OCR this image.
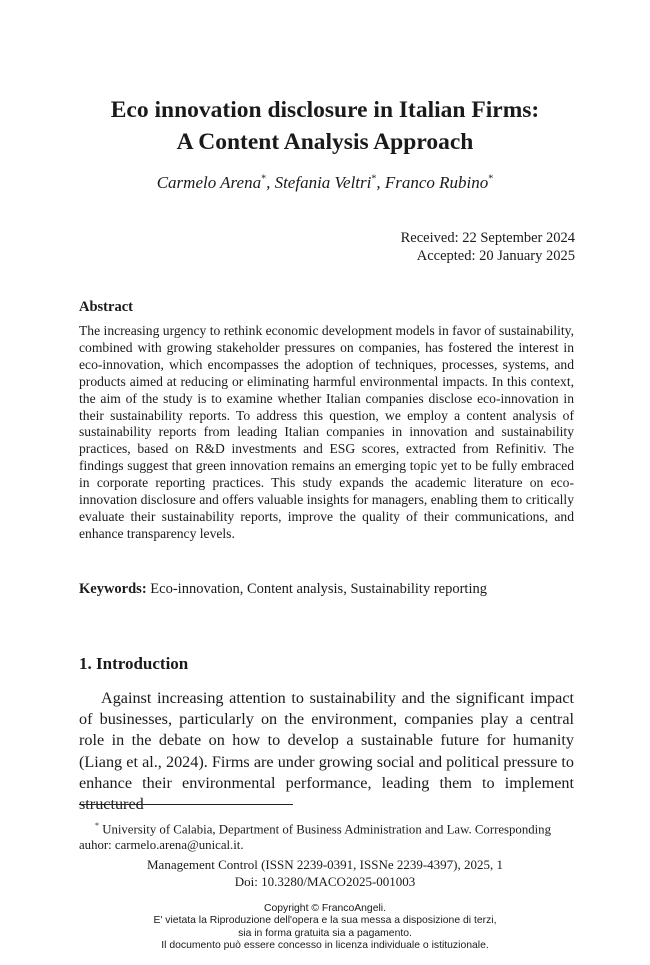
Eco innovation disclosure in Italian Firms:
A Content Analysis Approach
Carmelo Arena*, Stefania Veltri*, Franco Rubino*
Received: 22 September 2024
Accepted: 20 January 2025
Abstract
The increasing urgency to rethink economic development models in favor of sustainability, combined with growing stakeholder pressures on companies, has fostered the interest in eco-innovation, which encompasses the adoption of techniques, processes, systems, and products aimed at reducing or eliminating harmful environmental impacts. In this context, the aim of the study is to examine whether Italian companies disclose eco-innovation in their sustainability reports. To address this question, we employ a content analysis of sustainability reports from leading Italian companies in innovation and sustainability practices, based on R&D investments and ESG scores, extracted from Refinitiv. The findings suggest that green innovation remains an emerging topic yet to be fully embraced in corporate reporting practices. This study expands the academic literature on eco-innovation disclosure and offers valuable insights for managers, enabling them to critically evaluate their sustainability reports, improve the quality of their communications, and enhance transparency levels.
Keywords: Eco-innovation, Content analysis, Sustainability reporting
1. Introduction
Against increasing attention to sustainability and the significant impact of businesses, particularly on the environment, companies play a central role in the debate on how to develop a sustainable future for humanity (Liang et al., 2024). Firms are under growing social and political pressure to enhance their environmental performance, leading them to implement structured
* University of Calabia, Department of Business Administration and Law. Corresponding auhor: carmelo.arena@unical.it.
Management Control (ISSN 2239-0391, ISSNe 2239-4397), 2025, 1
Doi: 10.3280/MACO2025-001003
Copyright © FrancoAngeli.
E' vietata la Riproduzione dell'opera e la sua messa a disposizione di terzi,
sia in forma gratuita sia a pagamento.
Il documento può essere concesso in licenza individuale o istituzionale.
